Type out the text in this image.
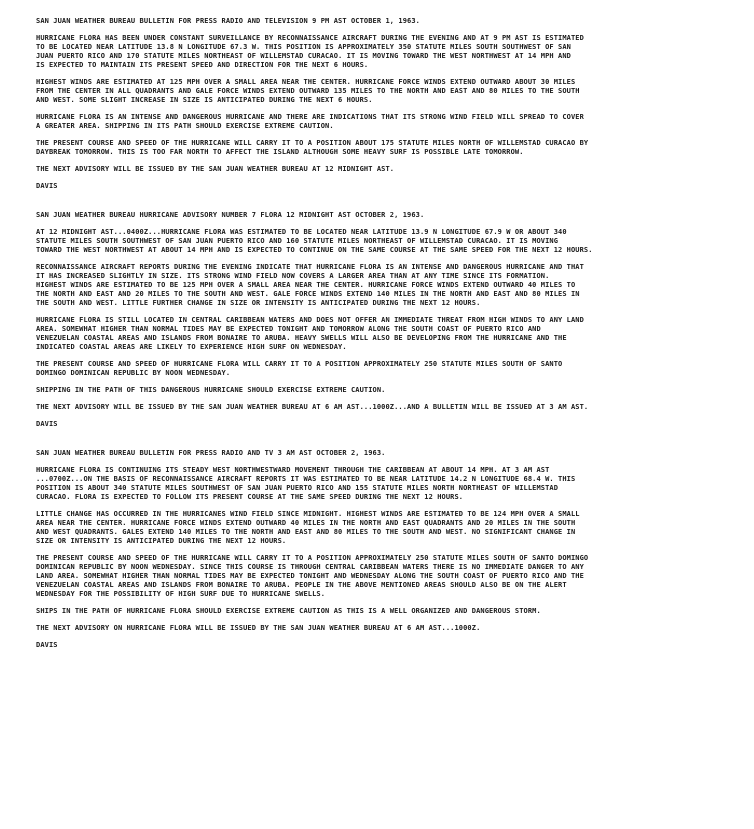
SAN JUAN WEATHER BUREAU BULLETIN FOR PRESS RADIO AND TELEVISION 9 PM AST OCTOBER 1, 1963.

HURRICANE FLORA HAS BEEN UNDER CONSTANT SURVEILLANCE BY RECONNAISSANCE AIRCRAFT DURING THE EVENING AND AT 9 PM AST IS ESTIMATED

TO BE LOCATED NEAR LATITUDE 13.8 N LONGITUDE 67.3 W. THIS POSITION IS APPROXIMATELY 350 STATUTE MILES SOUTH SOUTHWEST OF SAN

JUAN PUERTO RICO AND 170 STATUTE MILES NORTHEAST OF WILLEMSTAD CURACAO. IT IS MOVING TOWARD THE WEST NORTHWEST AT 14 MPH AND

IS EXPECTED TO MAINTAIN ITS PRESENT SPEED AND DIRECTION FOR THE NEXT 6 HOURS.

HIGHEST WINDS ARE ESTIMATED AT 125 MPH OVER A SMALL AREA NEAR THE CENTER. HURRICANE FORCE WINDS EXTEND OUTWARD ABOUT 30 MILES

FROM THE CENTER IN ALL QUADRANTS AND GALE FORCE WINDS EXTEND OUTWARD 135 MILES TO THE NORTH AND EAST AND 80 MILES TO THE SOUTH

AND WEST. SOME SLIGHT INCREASE IN SIZE IS ANTICIPATED DURING THE NEXT 6 HOURS.

HURRICANE FLORA IS AN INTENSE AND DANGEROUS HURRICANE AND THERE ARE INDICATIONS THAT ITS STRONG WIND FIELD WILL SPREAD TO COVER

A GREATER AREA. SHIPPING IN ITS PATH SHOULD EXERCISE EXTREME CAUTION.

THE PRESENT COURSE AND SPEED OF THE HURRICANE WILL CARRY IT TO A POSITION ABOUT 175 STATUTE MILES NORTH OF WILLEMSTAD CURACAO BY

DAYBREAK TOMORROW. THIS IS TOO FAR NORTH TO AFFECT THE ISLAND ALTHOUGH SOME HEAVY SURF IS POSSIBLE LATE TOMORROW.

THE NEXT ADVISORY WILL BE ISSUED BY THE SAN JUAN WEATHER BUREAU AT 12 MIDNIGHT AST.

DAVIS

SAN JUAN WEATHER BUREAU HURRICANE ADVISORY NUMBER 7 FLORA 12 MIDNIGHT AST OCTOBER 2, 1963.

AT 12 MIDNIGHT AST...0400Z...HURRICANE FLORA WAS ESTIMATED TO BE LOCATED NEAR LATITUDE 13.9 N LONGITUDE 67.9 W OR ABOUT 340

STATUTE MILES SOUTH SOUTHWEST OF SAN JUAN PUERTO RICO AND 160 STATUTE MILES NORTHEAST OF WILLEMSTAD CURACAO. IT IS MOVING

TOWARD THE WEST NORTHWEST AT ABOUT 14 MPH AND IS EXPECTED TO CONTINUE ON THE SAME COURSE AT THE SAME SPEED FOR THE NEXT 12 HOURS.

RECONNAISSANCE AIRCRAFT REPORTS DURING THE EVENING INDICATE THAT HURRICANE FLORA IS AN INTENSE AND DANGEROUS HURRICANE AND THAT

IT HAS INCREASED SLIGHTLY IN SIZE. ITS STRONG WIND FIELD NOW COVERS A LARGER AREA THAN AT ANY TIME SINCE ITS FORMATION.

HIGHEST WINDS ARE ESTIMATED TO BE 125 MPH OVER A SMALL AREA NEAR THE CENTER. HURRICANE FORCE WINDS EXTEND OUTWARD 40 MILES TO

THE NORTH AND EAST AND 20 MILES TO THE SOUTH AND WEST. GALE FORCE WINDS EXTEND 140 MILES IN THE NORTH AND EAST AND 80 MILES IN

THE SOUTH AND WEST. LITTLE FURTHER CHANGE IN SIZE OR INTENSITY IS ANTICIPATED DURING THE NEXT 12 HOURS.

HURRICANE FLORA IS STILL LOCATED IN CENTRAL CARIBBEAN WATERS AND DOES NOT OFFER AN IMMEDIATE THREAT FROM HIGH WINDS TO ANY LAND

AREA. SOMEWHAT HIGHER THAN NORMAL TIDES MAY BE EXPECTED TONIGHT AND TOMORROW ALONG THE SOUTH COAST OF PUERTO RICO AND

VENEZUELAN COASTAL AREAS AND ISLANDS FROM BONAIRE TO ARUBA. HEAVY SWELLS WILL ALSO BE DEVELOPING FROM THE HURRICANE AND THE

INDICATED COASTAL AREAS ARE LIKELY TO EXPERIENCE HIGH SURF ON WEDNESDAY.

THE PRESENT COURSE AND SPEED OF HURRICANE FLORA WILL CARRY IT TO A POSITION APPROXIMATELY 250 STATUTE MILES SOUTH OF SANTO

DOMINGO DOMINICAN REPUBLIC BY NOON WEDNESDAY.

SHIPPING IN THE PATH OF THIS DANGEROUS HURRICANE SHOULD EXERCISE EXTREME CAUTION.

THE NEXT ADVISORY WILL BE ISSUED BY THE SAN JUAN WEATHER BUREAU AT 6 AM AST...1000Z...AND A BULLETIN WILL BE ISSUED AT 3 AM AST.

DAVIS

SAN JUAN WEATHER BUREAU BULLETIN FOR PRESS RADIO AND TV 3 AM AST OCTOBER 2, 1963.

HURRICANE FLORA IS CONTINUING ITS STEADY WEST NORTHWESTWARD MOVEMENT THROUGH THE CARIBBEAN AT ABOUT 14 MPH. AT 3 AM AST

...0700Z...ON THE BASIS OF RECONNAISSANCE AIRCRAFT REPORTS IT WAS ESTIMATED TO BE NEAR LATITUDE 14.2 N LONGITUDE 68.4 W. THIS

POSITION IS ABOUT 340 STATUTE MILES SOUTHWEST OF SAN JUAN PUERTO RICO AND 155 STATUTE MILES NORTH NORTHEAST OF WILLEMSTAD

CURACAO. FLORA IS EXPECTED TO FOLLOW ITS PRESENT COURSE AT THE SAME SPEED DURING THE NEXT 12 HOURS.

LITTLE CHANGE HAS OCCURRED IN THE HURRICANES WIND FIELD SINCE MIDNIGHT. HIGHEST WINDS ARE ESTIMATED TO BE 124 MPH OVER A SMALL

AREA NEAR THE CENTER. HURRICANE FORCE WINDS EXTEND OUTWARD 40 MILES IN THE NORTH AND EAST QUADRANTS AND 20 MILES IN THE SOUTH

AND WEST QUADRANTS. GALES EXTEND 140 MILES TO THE NORTH AND EAST AND 80 MILES TO THE SOUTH AND WEST. NO SIGNIFICANT CHANGE IN

SIZE OR INTENSITY IS ANTICIPATED DURING THE NEXT 12 HOURS.

THE PRESENT COURSE AND SPEED OF THE HURRICANE WILL CARRY IT TO A POSITION APPROXIMATELY 250 STATUTE MILES SOUTH OF SANTO DOMINGO

DOMINICAN REPUBLIC BY NOON WEDNESDAY. SINCE THIS COURSE IS THROUGH CENTRAL CARIBBEAN WATERS THERE IS NO IMMEDIATE DANGER TO ANY

LAND AREA. SOMEWHAT HIGHER THAN NORMAL TIDES MAY BE EXPECTED TONIGHT AND WEDNESDAY ALONG THE SOUTH COAST OF PUERTO RICO AND THE

VENEZUELAN COASTAL AREAS AND ISLANDS FROM BONAIRE TO ARUBA. PEOPLE IN THE ABOVE MENTIONED AREAS SHOULD ALSO BE ON THE ALERT

WEDNESDAY FOR THE POSSIBILITY OF HIGH SURF DUE TO HURRICANE SWELLS.

SHIPS IN THE PATH OF HURRICANE FLORA SHOULD EXERCISE EXTREME CAUTION AS THIS IS A WELL ORGANIZED AND DANGEROUS STORM.

THE NEXT ADVISORY ON HURRICANE FLORA WILL BE ISSUED BY THE SAN JUAN WEATHER BUREAU AT 6 AM AST...1000Z.

DAVIS
